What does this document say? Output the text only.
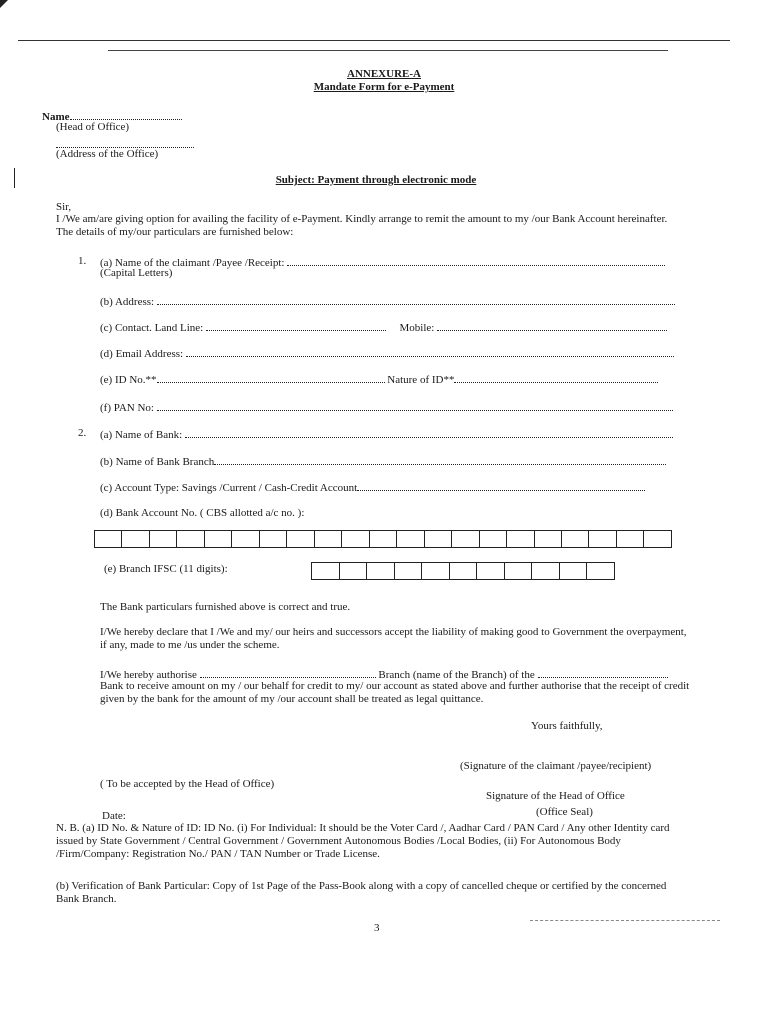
ANNEXURE-A
Mandate Form for e-Payment
Name
(Head of Office)
(Address of the Office)
Subject: Payment through electronic mode
Sir,
I /We am/are giving option for availing the facility of e-Payment. Kindly arrange to remit the amount to my /our Bank Account hereinafter. The details of my/our particulars are furnished below:
1. (a) Name of the claimant /Payee /Receipt:
(Capital Letters)
(b) Address:
(c) Contact. Land Line:	Mobile:
(d) Email Address:
(e) ID No.**	Nature of ID**
(f) PAN No:
2. (a) Name of Bank:
(b) Name of Bank Branch
(c) Account Type: Savings /Current / Cash-Credit Account
(d) Bank Account No. ( CBS allotted a/c no. ):
(e) Branch IFSC (11 digits):
The Bank particulars furnished above is correct and true.
I/We hereby declare that I /We and my/ our heirs and successors accept the liability of making good to Government the overpayment, if any, made to me /us under the scheme.
I/We hereby authorise	Branch (name of the Branch) of the
Bank to receive amount on my / our behalf for credit to my/ our account as stated above and further authorise that the receipt of credit given by the bank for the amount of my /our account shall be treated as legal quittance.
Yours faithfully,
(Signature of the claimant /payee/recipient)
( To be accepted by the Head of Office)
Signature of the Head of Office
(Office Seal)
Date:
N. B. (a) ID No. & Nature of ID: ID No. (i) For Individual: It should be the Voter Card /, Aadhar Card / PAN Card / Any other Identity card issued by State Government / Central Government / Government Autonomous Bodies /Local Bodies, (ii) For Autonomous Body /Firm/Company: Registration No./ PAN / TAN Number or Trade License.
(b) Verification of Bank Particular: Copy of 1st Page of the Pass-Book along with a copy of cancelled cheque or certified by the concerned Bank Branch.
3
